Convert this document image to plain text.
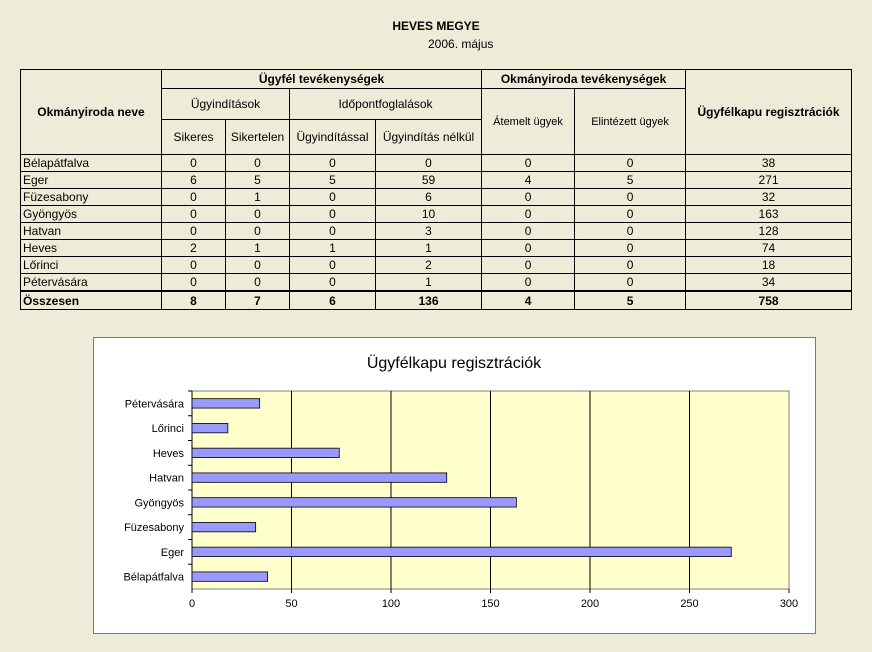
HEVES MEGYE
2006. május
Okmányiroda neve	Ügyfél tevékenységek				Okmányiroda tevékenységek		Ügyfélkapu regisztrációk
	Ügyindítások		Időpontfoglalások		Átemelt ügyek	Elintézett ügyek	
	Sikeres	Sikertelen	Ügyindítással	Ügyindítás nélkül			
Bélapátfalva	0	0	0	0	0	0	38
Eger	6	5	5	59	4	5	271
Füzesabony	0	1	0	6	0	0	32
Gyöngyös	0	0	0	10	0	0	163
Hatvan	0	0	0	3	0	0	128
Heves	2	1	1	1	0	0	74
Lőrinci	0	0	0	2	0	0	18
Pétervására	0	0	0	1	0	0	34
Összesen	8	7	6	136	4	5	758
Ügyfélkapu regisztrációk
0	50	100	150	200	250	300
Pétervására
Lőrinci
Heves
Hatvan
Gyöngyös
Füzesabony
Eger
Bélapátfalva
